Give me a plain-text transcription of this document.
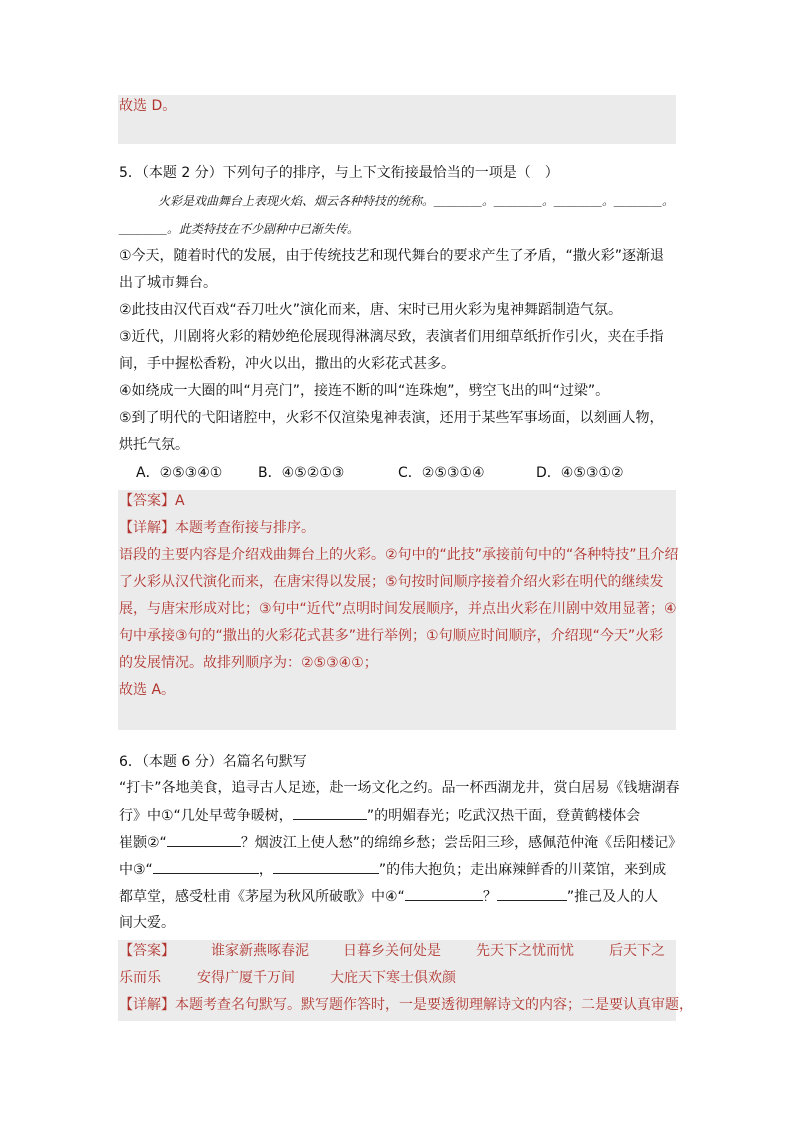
故选 D。
5．（本题 2 分）下列句子的排序，与上下文衔接最恰当的一项是（　）
火彩是戏曲舞台上表现火焰、烟云各种特技的统称。＿＿＿＿。＿＿＿＿。＿＿＿＿。＿＿＿＿。
＿＿＿＿。此类特技在不少剧种中已渐失传。
①今天，随着时代的发展，由于传统技艺和现代舞台的要求产生了矛盾，“撒火彩”逐渐退
出了城市舞台。
②此技由汉代百戏“吞刀吐火”演化而来，唐、宋时已用火彩为鬼神舞蹈制造气氛。
③近代，川剧将火彩的精妙绝伦展现得淋漓尽致，表演者们用细草纸折作引火，夹在手指
间，手中握松香粉，冲火以出，撒出的火彩花式甚多。
④如绕成一大圈的叫“月亮门”，接连不断的叫“连珠炮”，劈空飞出的叫“过梁”。
⑤到了明代的弋阳诸腔中，火彩不仅渲染鬼神表演，还用于某些军事场面，以刻画人物，
烘托气氛。
A．②⑤③④①	B．④⑤②①③	C．②⑤③①④	D．④⑤③①②
【答案】A
【详解】本题考查衔接与排序。
语段的主要内容是介绍戏曲舞台上的火彩。②句中的“此技”承接前句中的“各种特技”且介绍
了火彩从汉代演化而来，在唐宋得以发展；⑤句按时间顺序接着介绍火彩在明代的继续发
展，与唐宋形成对比；③句中“近代”点明时间发展顺序，并点出火彩在川剧中效用显著；④
句中承接③句的“撒出的火彩花式甚多”进行举例；①句顺应时间顺序，介绍现“今天”火彩
的发展情况。故排列顺序为：②⑤③④①；
故选 A。
6．（本题 6 分）名篇名句默写
“打卡”各地美食，追寻古人足迹，赴一场文化之约。品一杯西湖龙井，赏白居易《钱塘湖春
行》中①“几处早莺争暖树，	”的明媚春光；吃武汉热干面，登黄鹤楼体会
崔颢②“	？烟波江上使人愁”的绵绵乡愁；尝岳阳三珍，感佩范仲淹《岳阳楼记》
中③“	，	”的伟大抱负；走出麻辣鲜香的川菜馆，来到成
都草堂，感受杜甫《茅屋为秋风所破歌》中④“	？	”推己及人的人
间大爱。
【答案】	谁家新燕啄春泥 日暮乡关何处是	先天下之忧而忧	后天下之
乐而乐	安得广厦千万间	大庇天下寒士俱欢颜
【详解】本题考查名句默写。默写题作答时，一是要透彻理解诗文的内容；二是要认真审题，
